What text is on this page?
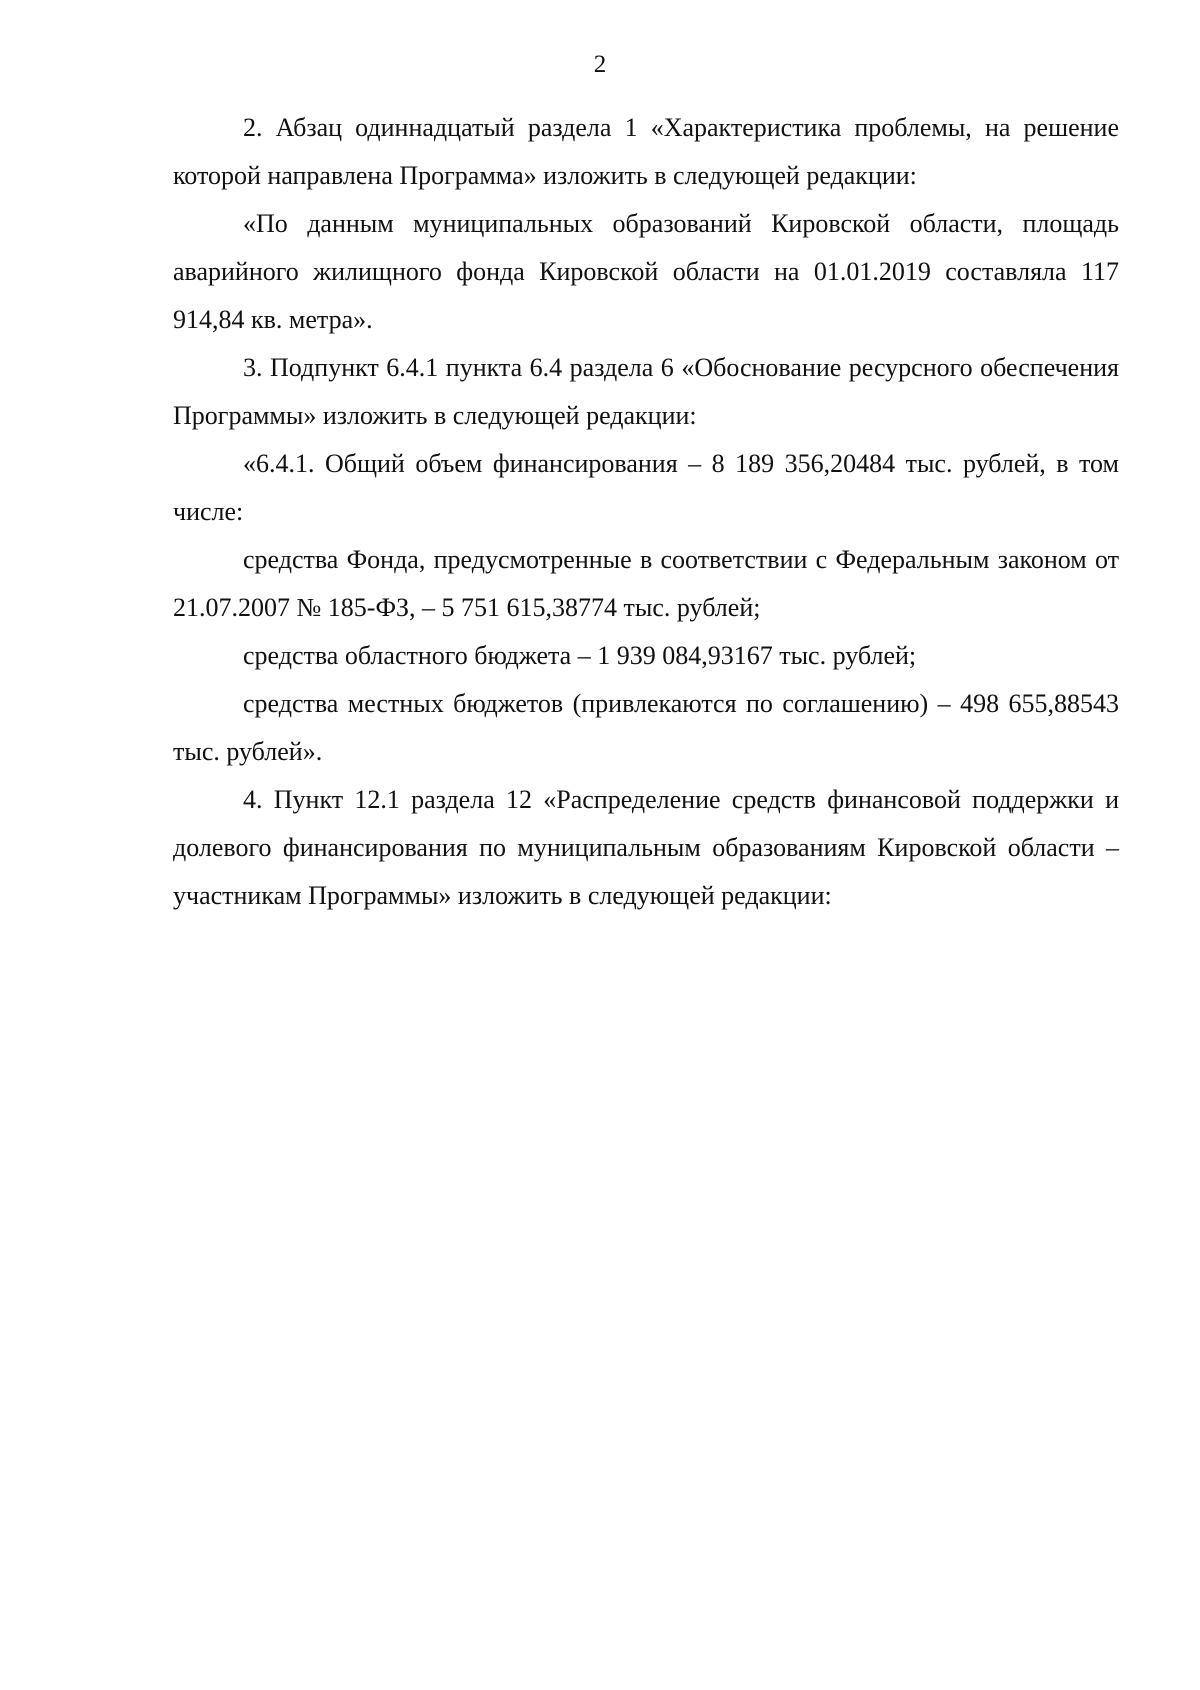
2

2. Абзац одиннадцатый раздела 1 «Характеристика проблемы, на решение которой направлена Программа» изложить в следующей редакции:

«По данным муниципальных образований Кировской области, площадь аварийного жилищного фонда Кировской области на 01.01.2019 составляла 117 914,84 кв. метра».

3. Подпункт 6.4.1 пункта 6.4 раздела 6 «Обоснование ресурсного обеспечения Программы» изложить в следующей редакции:

«6.4.1. Общий объем финансирования – 8 189 356,20484 тыс. рублей, в том числе:

средства Фонда, предусмотренные в соответствии с Федеральным законом от 21.07.2007 № 185-ФЗ, – 5 751 615,38774 тыс. рублей;

средства областного бюджета – 1 939 084,93167 тыс. рублей;

средства местных бюджетов (привлекаются по соглашению) – 498 655,88543 тыс. рублей».

4. Пункт 12.1 раздела 12 «Распределение средств финансовой поддержки и долевого финансирования по муниципальным образованиям Кировской области – участникам Программы» изложить в следующей редакции:
